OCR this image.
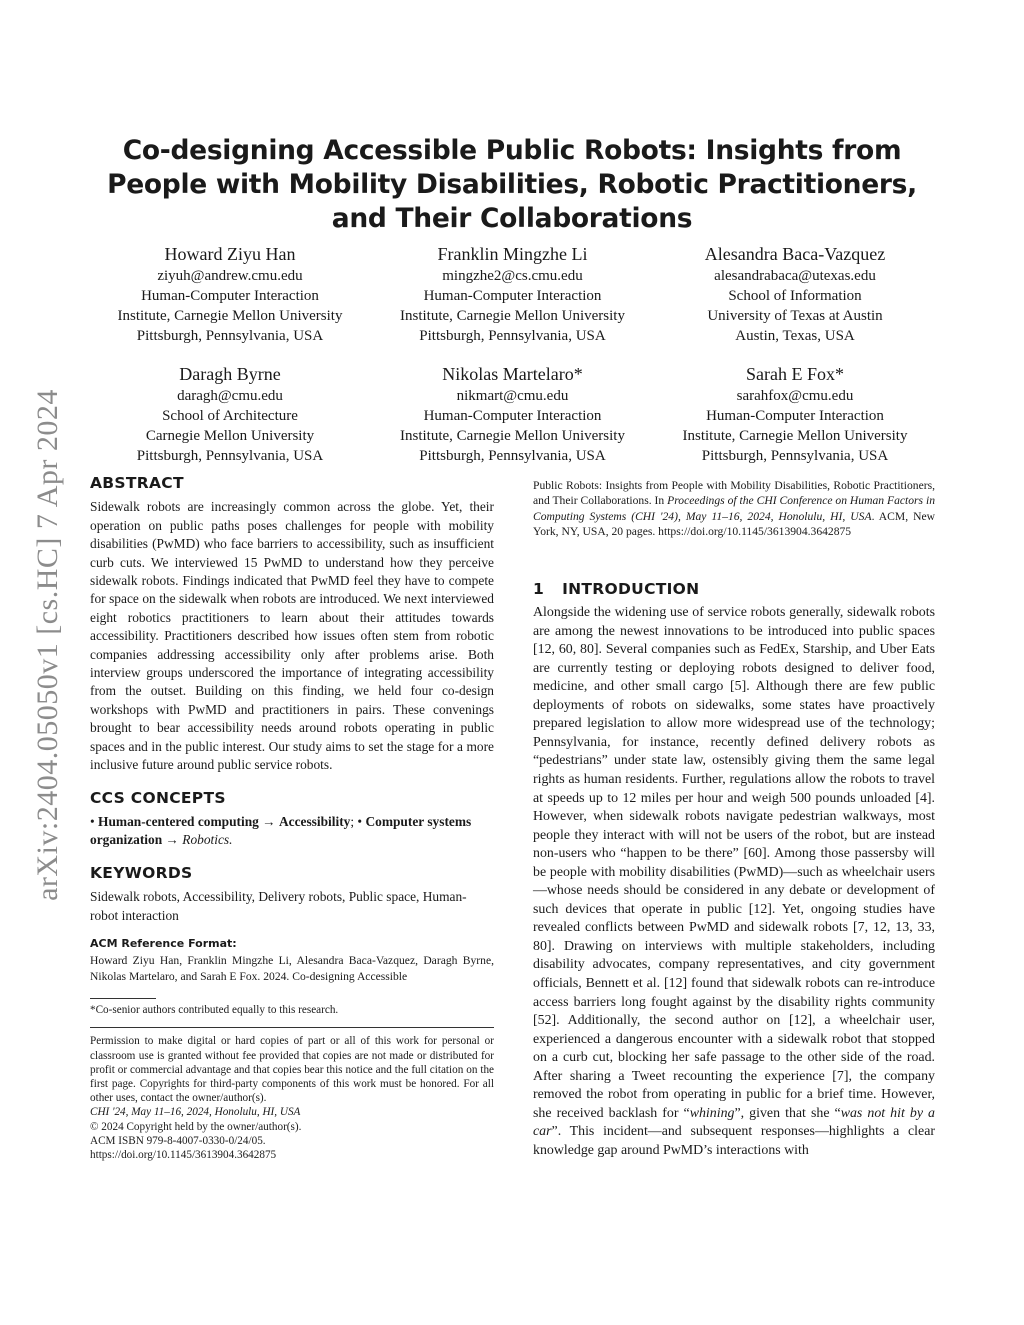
arXiv:2404.05050v1 [cs.HC] 7 Apr 2024
Co-designing Accessible Public Robots: Insights from People with Mobility Disabilities, Robotic Practitioners, and Their Collaborations
Howard Ziyu Han
ziyuh@andrew.cmu.edu
Human-Computer Interaction
Institute, Carnegie Mellon University
Pittsburgh, Pennsylvania, USA
Franklin Mingzhe Li
mingzhe2@cs.cmu.edu
Human-Computer Interaction
Institute, Carnegie Mellon University
Pittsburgh, Pennsylvania, USA
Alesandra Baca-Vazquez
alesandrabaca@utexas.edu
School of Information
University of Texas at Austin
Austin, Texas, USA
Daragh Byrne
daragh@cmu.edu
School of Architecture
Carnegie Mellon University
Pittsburgh, Pennsylvania, USA
Nikolas Martelaro*
nikmart@cmu.edu
Human-Computer Interaction
Institute, Carnegie Mellon University
Pittsburgh, Pennsylvania, USA
Sarah E Fox*
sarahfox@cmu.edu
Human-Computer Interaction
Institute, Carnegie Mellon University
Pittsburgh, Pennsylvania, USA
ABSTRACT

Sidewalk robots are increasingly common across the globe. Yet, their operation on public paths poses challenges for people with mobility disabilities (PwMD) who face barriers to accessibility, such as insufficient curb cuts. We interviewed 15 PwMD to understand how they perceive sidewalk robots. Findings indicated that PwMD feel they have to compete for space on the sidewalk when robots are introduced. We next interviewed eight robotics practitioners to learn about their attitudes towards accessibility. Practitioners described how issues often stem from robotic companies addressing accessibility only after problems arise. Both interview groups underscored the importance of integrating accessibility from the outset. Building on this finding, we held four co-design workshops with PwMD and practitioners in pairs. These convenings brought to bear accessibility needs around robots operating in public spaces and in the public interest. Our study aims to set the stage for a more inclusive future around public service robots.

CCS CONCEPTS

• Human-centered computing → Accessibility; • Computer systems organization → Robotics.

KEYWORDS

Sidewalk robots, Accessibility, Delivery robots, Public space, Human-robot interaction

ACM Reference Format:

Howard Ziyu Han, Franklin Mingzhe Li, Alesandra Baca-Vazquez, Daragh Byrne, Nikolas Martelaro, and Sarah E Fox. 2024. Co-designing Accessible

*Co-senior authors contributed equally to this research.

Permission to make digital or hard copies of part or all of this work for personal or classroom use is granted without fee provided that copies are not made or distributed for profit or commercial advantage and that copies bear this notice and the full citation on the first page. Copyrights for third-party components of this work must be honored. For all other uses, contact the owner/author(s).

CHI '24, May 11–16, 2024, Honolulu, HI, USA
© 2024 Copyright held by the owner/author(s).
ACM ISBN 979-8-4007-0330-0/24/05.
https://doi.org/10.1145/3613904.3642875

Public Robots: Insights from People with Mobility Disabilities, Robotic Practitioners, and Their Collaborations. In Proceedings of the CHI Conference on Human Factors in Computing Systems (CHI '24), May 11–16, 2024, Honolulu, HI, USA. ACM, New York, NY, USA, 20 pages. https://doi.org/10.1145/3613904.3642875

1 INTRODUCTION

Alongside the widening use of service robots generally, sidewalk robots are among the newest innovations to be introduced into public spaces [12, 60, 80]. Several companies such as FedEx, Starship, and Uber Eats are currently testing or deploying robots designed to deliver food, medicine, and other small cargo [5]. Although there are few public deployments of robots on sidewalks, some states have proactively prepared legislation to allow more widespread use of the technology; Pennsylvania, for instance, recently defined delivery robots as “pedestrians” under state law, ostensibly giving them the same legal rights as human residents. Further, regulations allow the robots to travel at speeds up to 12 miles per hour and weigh 500 pounds unloaded [4]. However, when sidewalk robots navigate pedestrian walkways, most people they interact with will not be users of the robot, but are instead non-users who “happen to be there” [60]. Among those passersby will be people with mobility disabilities (PwMD)—such as wheelchair users—whose needs should be considered in any debate or development of such devices that operate in public [12]. Yet, ongoing studies have revealed conflicts between PwMD and sidewalk robots [7, 12, 13, 33, 80]. Drawing on interviews with multiple stakeholders, including disability advocates, company representatives, and city government officials, Bennett et al. [12] found that sidewalk robots can re-introduce access barriers long fought against by the disability rights community [52]. Additionally, the second author on [12], a wheelchair user, experienced a dangerous encounter with a sidewalk robot that stopped on a curb cut, blocking her safe passage to the other side of the road. After sharing a Tweet recounting the experience [7], the company removed the robot from operating in public for a brief time. However, she received backlash for “whining”, given that she “was not hit by a car”. This incident—and subsequent responses—highlights a clear knowledge gap around PwMD’s interactions with
